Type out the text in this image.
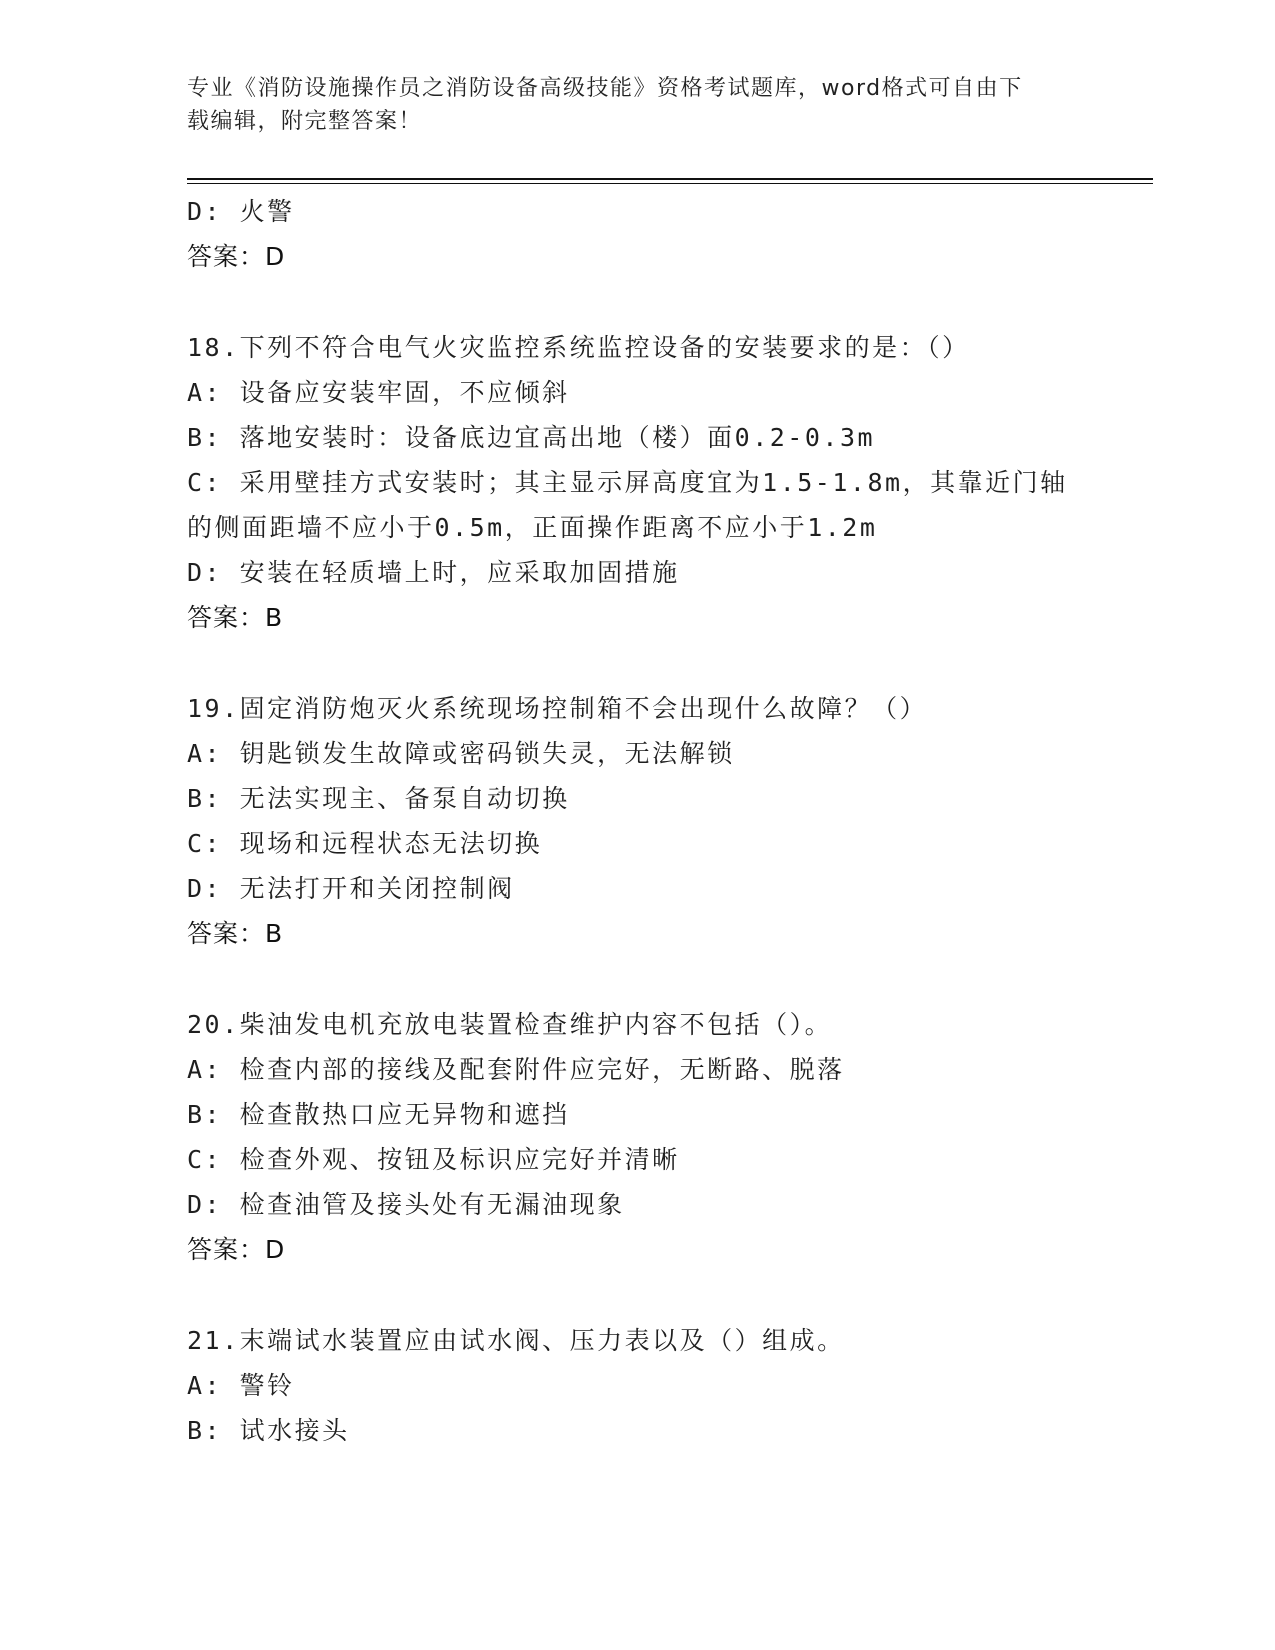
专业《消防设施操作员之消防设备高级技能》资格考试题库，word格式可自由下
载编辑，附完整答案！
D: 火警
答案：D
18.下列不符合电气火灾监控系统监控设备的安装要求的是：（）
A: 设备应安装牢固，不应倾斜
B: 落地安装时：设备底边宜高出地（楼）面0.2-0.3m
C: 采用壁挂方式安装时；其主显示屏高度宜为1.5-1.8m，其靠近门轴
的侧面距墙不应小于0.5m，正面操作距离不应小于1.2m
D: 安装在轻质墙上时，应采取加固措施
答案：B
19.固定消防炮灭火系统现场控制箱不会出现什么故障？（）
A: 钥匙锁发生故障或密码锁失灵，无法解锁
B: 无法实现主、备泵自动切换
C: 现场和远程状态无法切换
D: 无法打开和关闭控制阀
答案：B
20.柴油发电机充放电装置检查维护内容不包括（）。
A: 检查内部的接线及配套附件应完好，无断路、脱落
B: 检查散热口应无异物和遮挡
C: 检查外观、按钮及标识应完好并清晰
D: 检查油管及接头处有无漏油现象
答案：D
21.末端试水装置应由试水阀、压力表以及（）组成。
A: 警铃
B: 试水接头
